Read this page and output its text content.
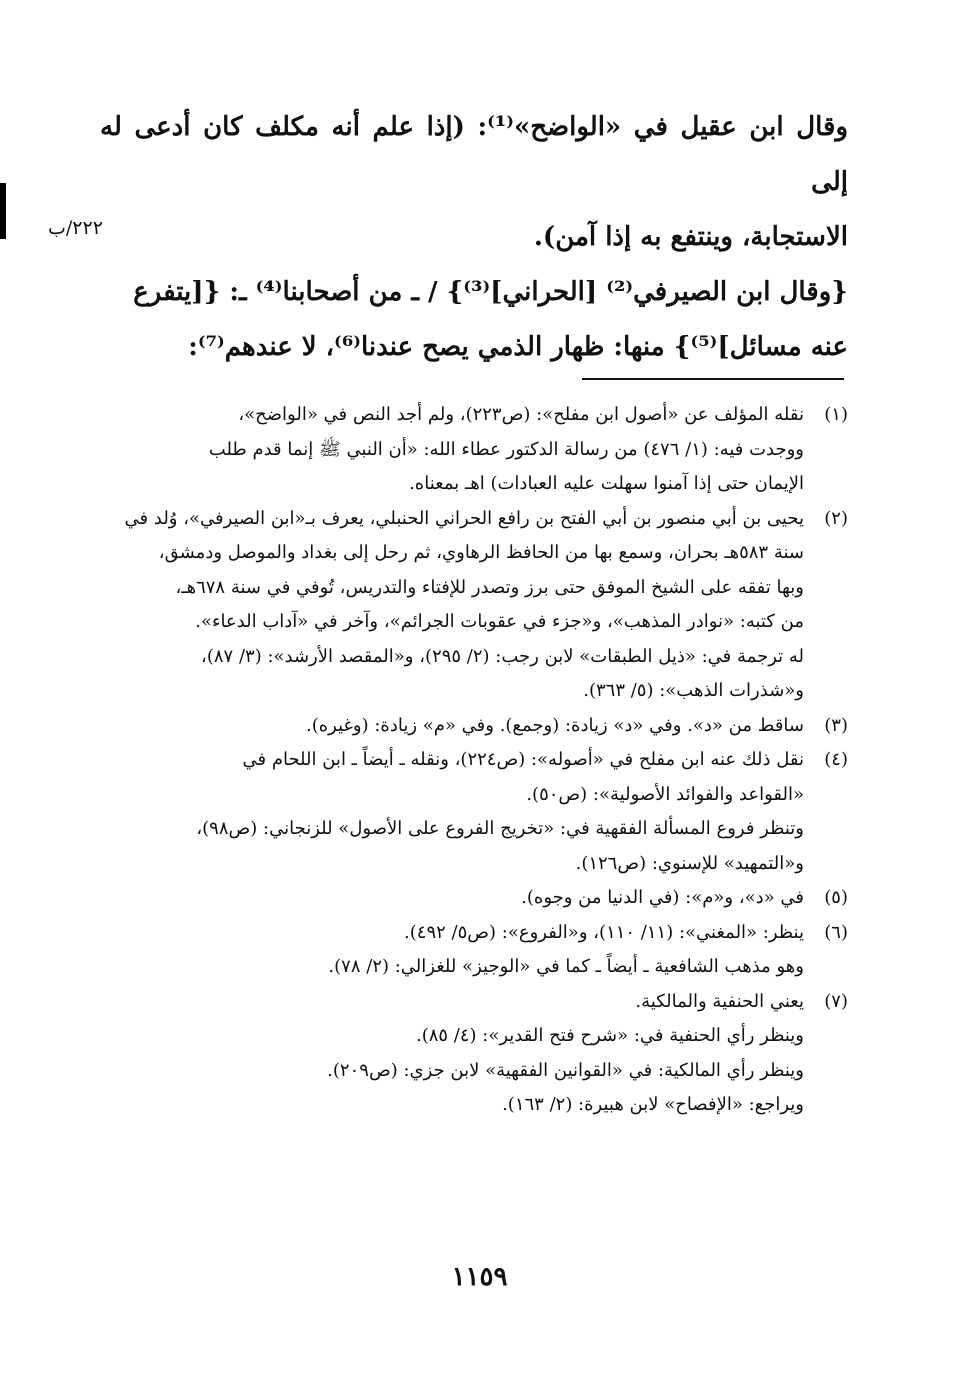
٢٢٢/ب
وقال ابن عقيل في «الواضح»⁽¹⁾: (إذا علم أنه مكلف كان أدعى له إلى
الاستجابة، وينتفع به إذا آمن).
{وقال ابن الصيرفي⁽²⁾ [الحراني]⁽³⁾} / ـ من أصحابنا⁽⁴⁾ ـ: {[يتفرع
عنه مسائل]⁽⁵⁾} منها: ظهار الذمي يصح عندنا⁽⁶⁾، لا عندهم⁽⁷⁾:
(١)
نقله المؤلف عن «أصول ابن مفلح»: (ص٢٢٣)، ولم أجد النص في «الواضح»،
ووجدت فيه: (١/ ٤٧٦) من رسالة الدكتور عطاء الله: «أن النبي ﷺ إنما قدم طلب
الإيمان حتى إذا آمنوا سهلت عليه العبادات) اهـ بمعناه.
(٢)
يحيى بن أبي منصور بن أبي الفتح بن رافع الحراني الحنبلي، يعرف بـ«ابن الصيرفي»، وُلد في
سنة ٥٨٣هـ بحران، وسمع بها من الحافظ الرهاوي، ثم رحل إلى بغداد والموصل ودمشق،
وبها تفقه على الشيخ الموفق حتى برز وتصدر للإفتاء والتدريس، تُوفي في سنة ٦٧٨هـ،
من كتبه: «نوادر المذهب»، و«جزء في عقوبات الجرائم»، وآخر في «آداب الدعاء».
له ترجمة في: «ذيل الطبقات» لابن رجب: (٢/ ٢٩٥)، و«المقصد الأرشد»: (٣/ ٨٧)،
و«شذرات الذهب»: (٥/ ٣٦٣).
(٣)
ساقط من «د». وفي «د» زيادة: (وجمع). وفي «م» زيادة: (وغيره).
(٤)
نقل ذلك عنه ابن مفلح في «أصوله»: (ص٢٢٤)، ونقله ـ أيضاً ـ ابن اللحام في
«القواعد والفوائد الأصولية»: (ص٥٠).
وتنظر فروع المسألة الفقهية في: «تخريج الفروع على الأصول» للزنجاني: (ص٩٨)،
و«التمهيد» للإسنوي: (ص١٢٦).
(٥)
في «د»، و«م»: (في الدنيا من وجوه).
(٦)
ينظر: «المغني»: (١١/ ١١٠)، و«الفروع»: (ص٥/ ٤٩٢).
وهو مذهب الشافعية ـ أيضاً ـ كما في «الوجيز» للغزالي: (٢/ ٧٨).
(٧)
يعني الحنفية والمالكية.
وينظر رأي الحنفية في: «شرح فتح القدير»: (٤/ ٨٥).
وينظر رأي المالكية: في «القوانين الفقهية» لابن جزي: (ص٢٠٩).
ويراجع: «الإفصاح» لابن هبيرة: (٢/ ١٦٣).
١١٥٩
